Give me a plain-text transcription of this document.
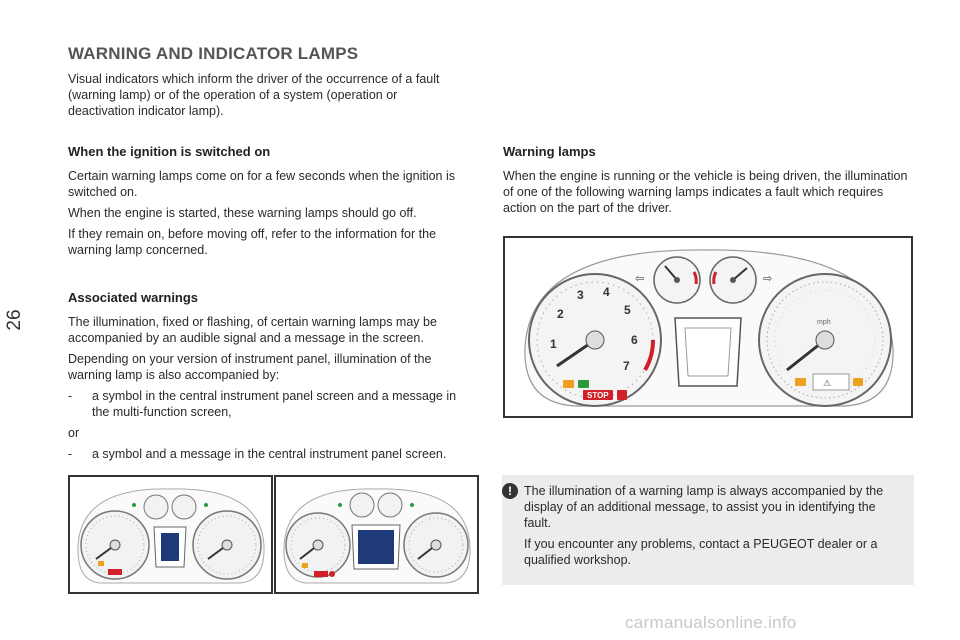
26
WARNING AND INDICATOR LAMPS

Visual indicators which inform the driver of the occurrence of a fault (warning lamp) or of the operation of a system (operation or deactivation indicator lamp).

When the ignition is switched on

Certain warning lamps come on for a few seconds when the ignition is switched on.

When the engine is started, these warning lamps should go off.

If they remain on, before moving off, refer to the information for the warning lamp concerned.

Associated warnings

The illumination, fixed or flashing, of certain warning lamps may be accompanied by an audible signal and a message in the screen.

Depending on your version of instrument panel, illumination of the warning lamp is also accompanied by:

-	a symbol in the central instrument panel screen and a message in the multi-function screen,

or

-	a symbol and a message in the central instrument panel screen.
Warning lamps

When the engine is running or the vehicle is being driven, the illumination of one of the following warning lamps indicates a fault which requires action on the part of the driver.

1
2
3 4
5
6
7
STOP
⇦	⇨
mph
⚠
! The illumination of a warning lamp is always accompanied by the display of an additional message, to assist you in identifying the fault.

If you encounter any problems, contact a PEUGEOT dealer or a qualified workshop.

carmanualsonline.info
